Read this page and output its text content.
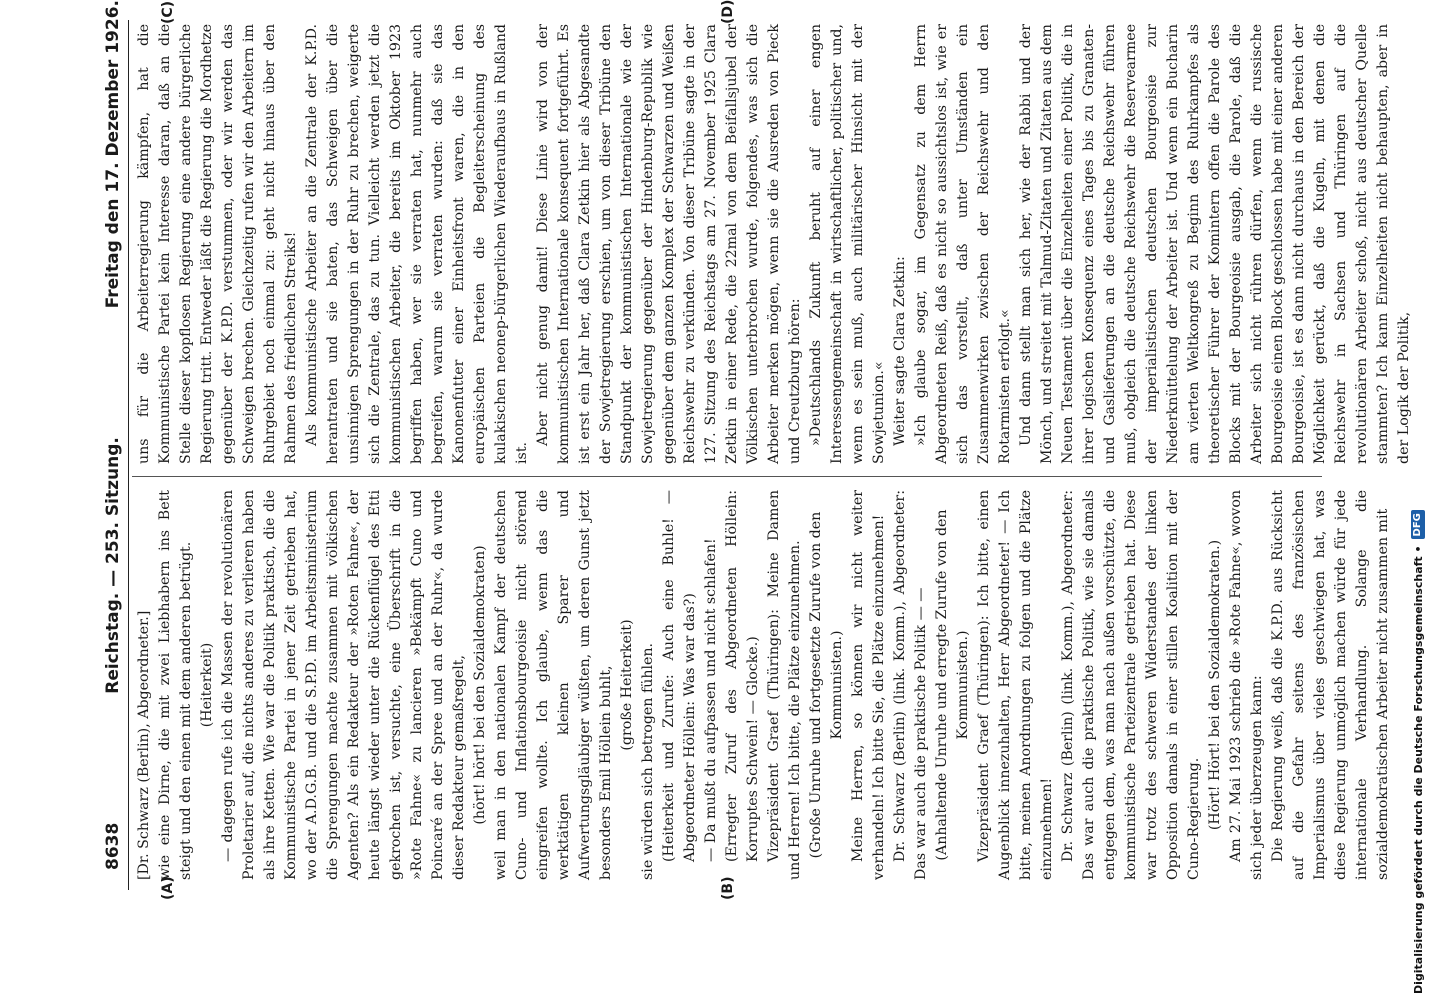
8638
Reichstag. — 253. Sitzung.
Freitag den 17. Dezember 1926.
(A)	(B)
(C)	(D)

[Dr. Schwarz (Berlin), Abgeordneter.] wie eine Dirne, die mit zwei Liebhabern ins Bett steigt und den einen mit dem anderen betrügt. (Heiterkeit) — dagegen rufe ich die Massen der revolutionären Proletarier auf, die nichts anderes zu verlieren haben als ihre Ketten. Wie war die Politik praktisch, die die Kommunistische Partei in jener Zeit getrieben hat, wo der A.D.G.B. und die S.P.D. im Arbeitsministerium die Sprengungen machte zusammen mit völkischen Agenten? Als ein Redakteur der »Roten Fahne«, der heute längst wieder unter die Rückenflügel des Etti gekrochen ist, versuchte, eine Überschrift in die »Rote Fahne« zu lancieren »Bekämpft Cuno und Poincaré an der Spree und an der Ruhr«, da wurde dieser Redakteur gemaßregelt, (hört! hört! bei den Sozialdemokraten) weil man in den nationalen Kampf der deutschen Cuno- und Inflationsbourgeoisie nicht störend eingreifen wollte. Ich glaube, wenn das die werktätigen kleinen Sparer und Aufwertungsgläubiger wüßten, um deren Gunst jetzt besonders Emil Höllein buhlt, (große Heiterkeit) sie würden sich betrogen fühlen. (Heiterkeit und Zurufe: Auch eine Buhle! — Abgeordneter Höllein: Was war das?) — Da mußt du aufpassen und nicht schlafen! (Erregter Zuruf des Abgeordneten Höllein: Korruptes Schwein! — Glocke.) Vizepräsident Graef (Thüringen): Meine Damen und Herren! Ich bitte, die Plätze einzunehmen. (Große Unruhe und fortgesetzte Zurufe von den Kommunisten.) Meine Herren, so können wir nicht weiter verhandeln! Ich bitte Sie, die Plätze einzunehmen! Dr. Schwarz (Berlin) (link. Komm.), Abgeordneter: Das war auch die praktische Politik — — (Anhaltende Unruhe und erregte Zurufe von den Kommunisten.) Vizepräsident Graef (Thüringen): Ich bitte, einen Augenblick innezuhalten, Herr Abgeordneter! — Ich bitte, meinen Anordnungen zu folgen und die Plätze einzunehmen! Dr. Schwarz (Berlin) (link. Komm.), Abgeordneter: Das war auch die praktische Politik, wie sie damals entgegen dem, was man nach außen vorschützte, die kommunistische Parteizentrale getrieben hat. Diese war trotz des schweren Widerstandes der linken Opposition damals in einer stillen Koalition mit der Cuno-Regierung. (Hört! Hört! bei den Sozialdemokraten.) Am 27. Mai 1923 schrieb die »Rote Fahne«, wovon sich jeder überzeugen kann: Die Regierung weiß, daß die K.P.D. aus Rücksicht auf die Gefahr seitens des französischen Imperialismus über vieles geschwiegen hat, was diese Regierung unmöglich machen würde für jede internationale Verhandlung. Solange die sozialdemokratischen Arbeiter nicht zusammen mit

uns für die Arbeiterregierung kämpfen, hat die Kommunistische Partei kein Interesse daran, daß an die Stelle dieser kopflosen Regierung eine andere bürgerliche Regierung tritt. Entweder läßt die Regierung die Mordhetze gegenüber der K.P.D. verstummen, oder wir werden das Schweigen brechen. Gleichzeitig rufen wir den Arbeitern im Ruhrgebiet noch einmal zu: geht nicht hinaus über den Rahmen des friedlichen Streiks! Als kommunistische Arbeiter an die Zentrale der K.P.D. herantraten und sie baten, das Schweigen über die unsinnigen Sprengungen in der Ruhr zu brechen, weigerte sich die Zentrale, das zu tun. Vielleicht werden jetzt die kommunistischen Arbeiter, die bereits im Oktober 1923 begriffen haben, wer sie verraten hat, nunmehr auch begreifen, warum sie verraten wurden: daß sie das Kanonenfutter einer Einheitsfront waren, die in den europäischen Parteien die Begleiterscheinung des kulakischen neonep-bürgerlichen Wiederaufbaus in Rußland ist.

Aber nicht genug damit! Diese Linie wird von der kommunistischen Internationale konsequent fortgeführt. Es ist erst ein Jahr her, daß Clara Zetkin hier als Abgesandte der Sowjetregierung erschien, um von dieser Tribüne den Standpunkt der kommunistischen Internationale wie der Sowjetregierung gegenüber der Hindenburg-Republik wie gegenüber dem ganzen Komplex der Schwarzen und Weißen Reichswehr zu verkünden. Von dieser Tribüne sagte in der 127. Sitzung des Reichstags am 27. November 1925 Clara Zetkin in einer Rede, die 22mal von dem Beifallsjubel der Völkischen unterbrochen wurde, folgendes, was sich die Arbeiter merken mögen, wenn sie die Ausreden von Pieck und Creutzburg hören: »Deutschlands Zukunft beruht auf einer engen Interessengemeinschaft in wirtschaftlicher, politischer und, wenn es sein muß, auch militärischer Hinsicht mit der Sowjetunion.« Weiter sagte Clara Zetkin: »Ich glaube sogar, im Gegensatz zu dem Herrn Abgeordneten Reiß, daß es nicht so aussichtslos ist, wie er sich das vorstellt, daß unter Umständen ein Zusammenwirken zwischen der Reichswehr und den Rotarmisten erfolgt.« Und dann stellt man sich her, wie der Rabbi und der Mönch, und streitet mit Talmud-Zitaten und Zitaten aus dem Neuen Testament über die Einzelheiten einer Politik, die in ihrer logischen Konsequenz eines Tages bis zu Granaten- und Gaslieferungen an die deutsche Reichswehr führen muß, obgleich die deutsche Reichswehr die Reservearmee der imperialistischen deutschen Bourgeoisie zur Niederknüttelung der Arbeiter ist. Und wenn ein Bucharin am vierten Weltkongreß zu Beginn des Ruhrkampfes als theoretischer Führer der Komintern offen die Parole des Blocks mit der Bourgeoisie ausgab, die Parole, daß die Arbeiter sich nicht rühren dürfen, wenn die russische Bourgeoisie einen Block geschlossen habe mit einer anderen Bourgeoisie, ist es dann nicht durchaus in den Bereich der Möglichkeit gerückt, daß die Kugeln, mit denen die Reichswehr in Sachsen und Thüringen auf die revolutionären Arbeiter schoß, nicht aus deutscher Quelle stammten? Ich kann Einzelheiten nicht behaupten, aber in der Logik der Politik,

Digitalisierung gefördert durch die Deutsche Forschungsgemeinschaft •
DFG
